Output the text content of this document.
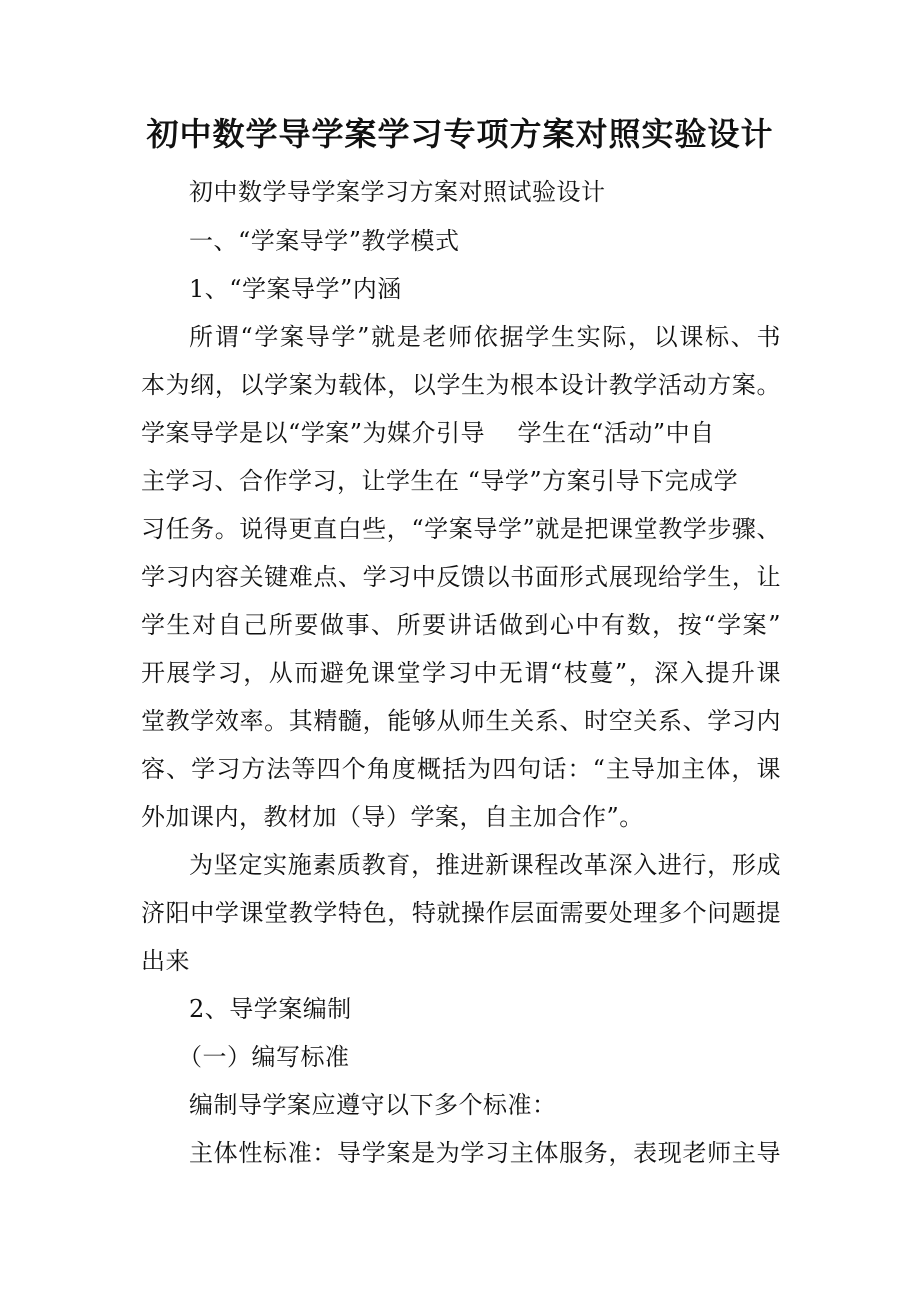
初中数学导学案学习专项方案对照实验设计
初中数学导学案学习方案对照试验设计
一、“学案导学”教学模式
1、“学案导学”内涵
所谓“学案导学”就是老师依据学生实际，以课标、书
本为纲，以学案为载体，以学生为根本设计教学活动方案。
学案导学是以“学案”为媒介引导    学生在“活动”中自
主学习、合作学习，让学生在 “导学”方案引导下完成学
习任务。说得更直白些，“学案导学”就是把课堂教学步骤、
学习内容关键难点、学习中反馈以书面形式展现给学生，让
学生对自己所要做事、所要讲话做到心中有数，按“学案”
开展学习，从而避免课堂学习中无谓“枝蔓”，深入提升课
堂教学效率。其精髓，能够从师生关系、时空关系、学习内
容、学习方法等四个角度概括为四句话：“主导加主体，课
外加课内，教材加（导）学案，自主加合作”。
为坚定实施素质教育，推进新课程改革深入进行，形成
济阳中学课堂教学特色，特就操作层面需要处理多个问题提
出来
2、导学案编制
（一）编写标准
编制导学案应遵守以下多个标准：
主体性标准：导学案是为学习主体服务，表现老师主导
